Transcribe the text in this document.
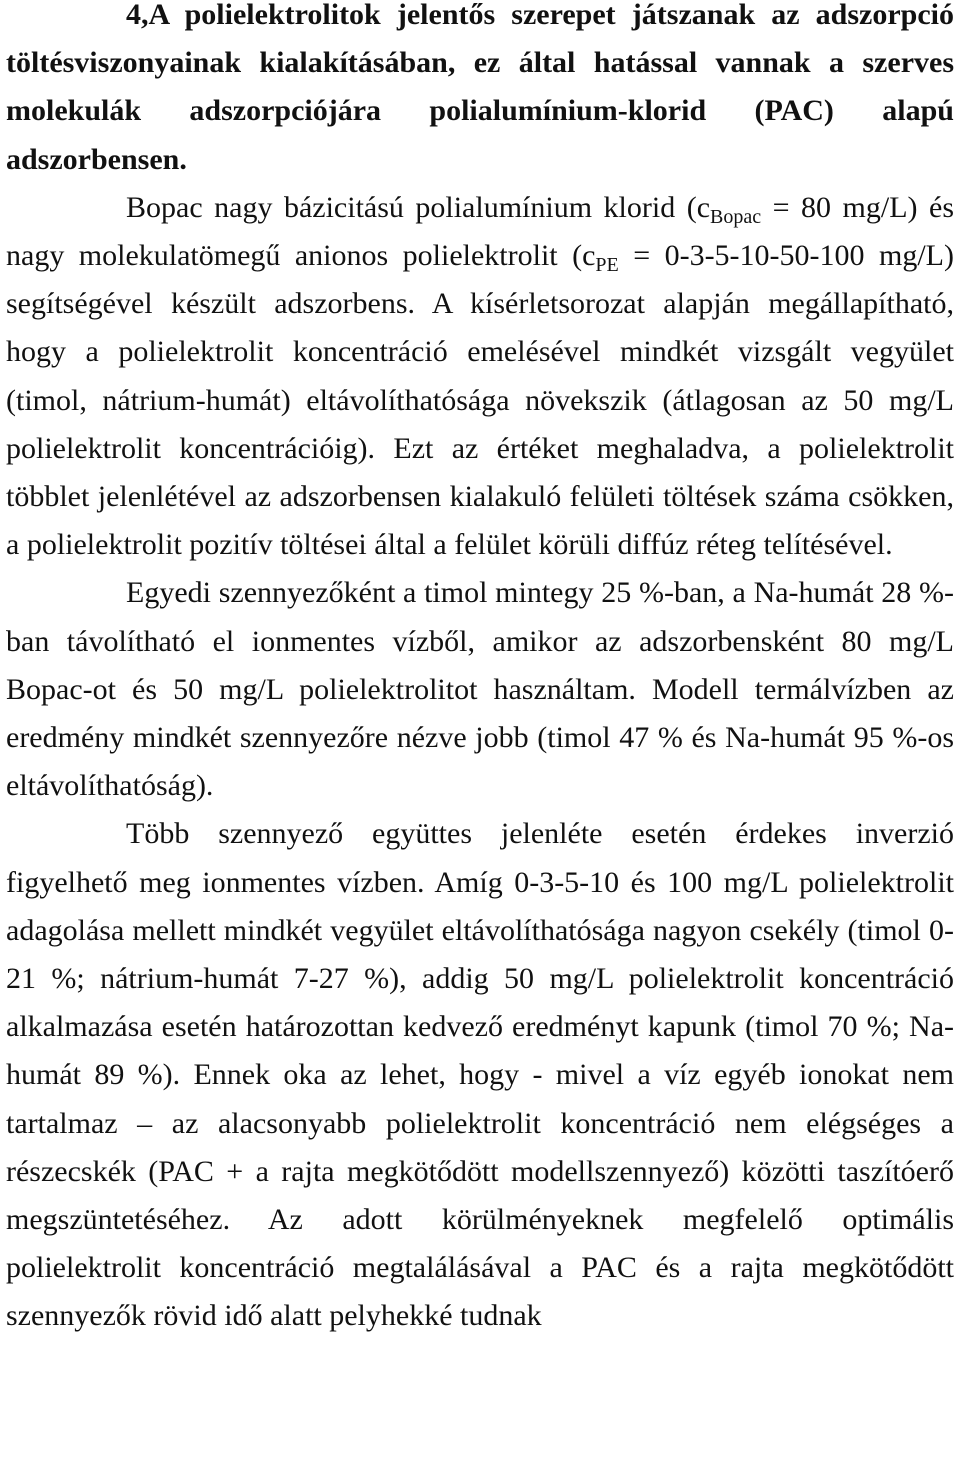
4,A polielektrolitok jelentős szerepet játszanak az adszorpció töltésviszonyainak kialakításában, ez által hatással vannak a szerves molekulák adszorpciójára polialumínium-klorid (PAC) alapú adszorbensen.

Bopac nagy bázicitású polialumínium klorid ($c_{Bopac} = 80$ mg/L) és nagy molekulatömegű anionos polielektrolit ($c_{PE} = 0-3-5-10-50-100$ mg/L) segítségével készült adszorbens. A kísérletsorozat alapján megállapítható, hogy a polielektrolit koncentráció emelésével mindkét vizsgált vegyület (timol, nátrium-humát) eltávolíthatósága növekszik (átlagosan az 50 mg/L polielektrolit koncentrációig). Ezt az értéket meghaladva, a polielektrolit többlet jelenlétével az adszorbensen kialakuló felületi töltések száma csökken, a polielektrolit pozitív töltései által a felület körüli diffúz réteg telítésével.

Egyedi szennyezőként a timol mintegy 25 %-ban, a Na-humát 28 %-ban távolítható el ionmentes vízből, amikor az adszorbensként 80 mg/L Bopac-ot és 50 mg/L polielektrolitot használtam. Modell termálvízben az eredmény mindkét szennyezőre nézve jobb (timol 47 % és Na-humát 95 %-os eltávolíthatóság).

Több szennyező együttes jelenléte esetén érdekes inverzió figyelhető meg ionmentes vízben. Amíg 0-3-5-10 és 100 mg/L polielektrolit adagolása mellett mindkét vegyület eltávolíthatósága nagyon csekély (timol 0-21 %; nátrium-humát 7-27 %), addig 50 mg/L polielektrolit koncentráció alkalmazása esetén határozottan kedvező eredményt kapunk (timol 70 %; Na-humát 89 %). Ennek oka az lehet, hogy - mivel a víz egyéb ionokat nem tartalmaz – az alacsonyabb polielektrolit koncentráció nem elégséges a részecskék (PAC + a rajta megkötődött modellszennyező) közötti taszítóerő megszüntetéséhez. Az adott körülményeknek megfelelő optimális polielektrolit koncentráció megtalálásával a PAC és a rajta megkötődött szennyezők rövid idő alatt pelyhekké tudnak
